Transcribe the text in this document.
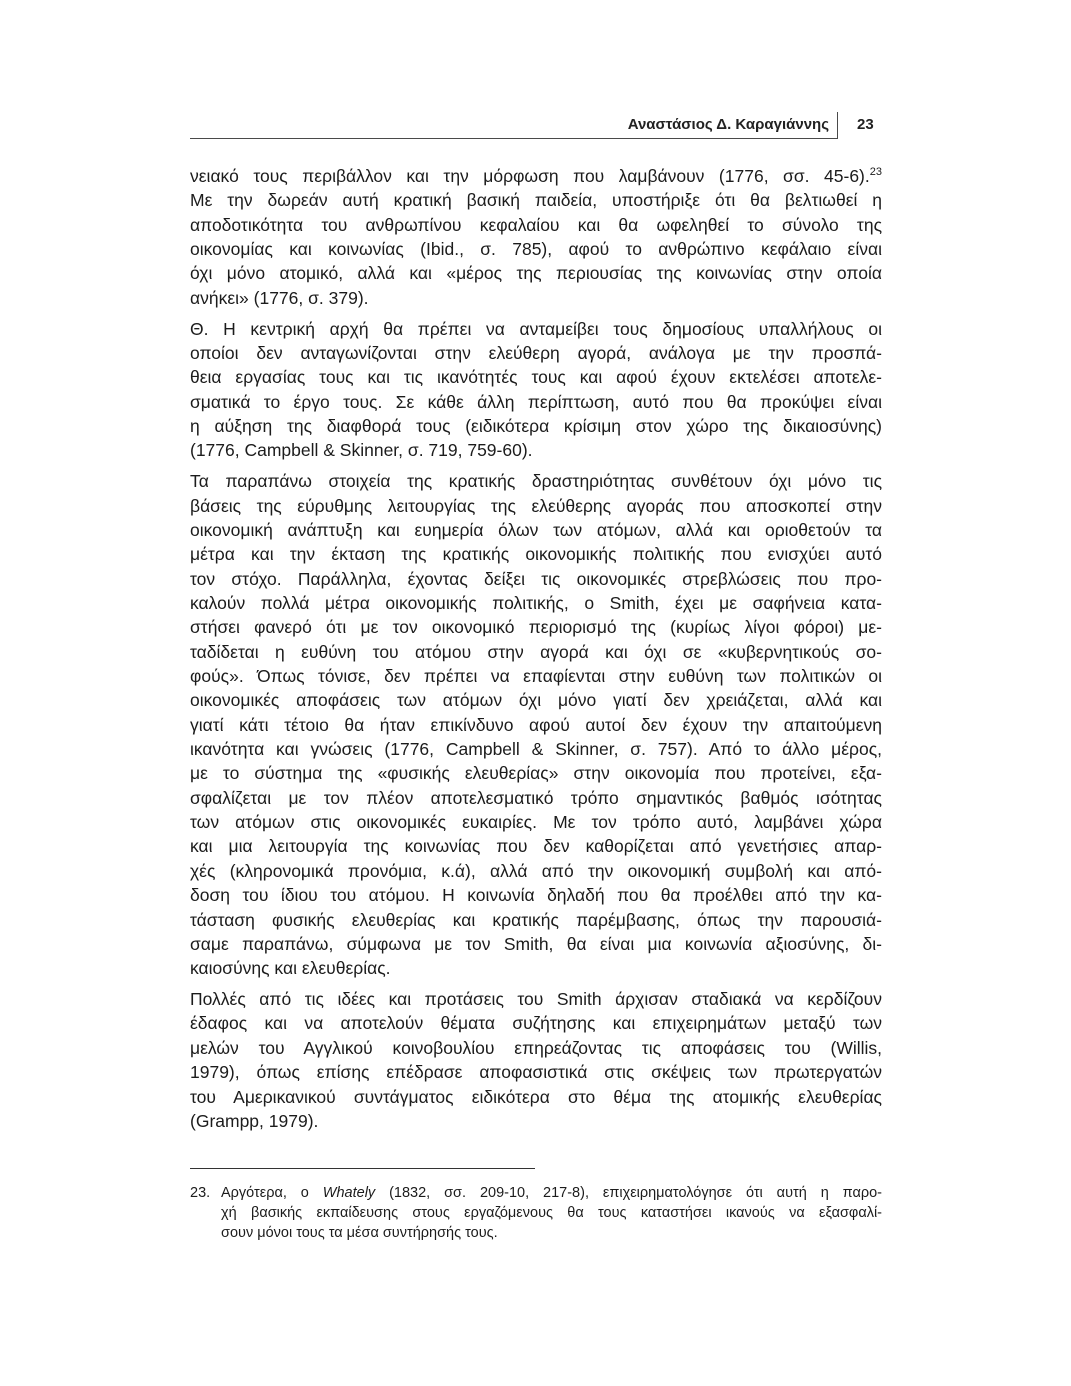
Αναστάσιος Δ. Καραγιάννης	23
νειακό τους περιβάλλον και την μόρφωση που λαμβάνουν (1776, σσ. 45-6).$^{23}$
Με την δωρεάν αυτή κρατική βασική παιδεία, υποστήριξε ότι θα βελτιωθεί η
αποδοτικότητα του ανθρωπίνου κεφαλαίου και θα ωφεληθεί το σύνολο της
οικονομίας και κοινωνίας (Ibid., σ. 785), αφού το ανθρώπινο κεφάλαιο είναι
όχι μόνο ατομικό, αλλά και «μέρος της περιουσίας της κοινωνίας στην οποία
ανήκει» (1776, σ. 379).
Θ. Η κεντρική αρχή θα πρέπει να ανταμείβει τους δημοσίους υπαλλήλους οι
οποίοι δεν ανταγωνίζονται στην ελεύθερη αγορά, ανάλογα με την προσπά-
θεια εργασίας τους και τις ικανότητές τους και αφού έχουν εκτελέσει αποτελε-
σματικά το έργο τους. Σε κάθε άλλη περίπτωση, αυτό που θα προκύψει είναι
η αύξηση της διαφθορά τους (ειδικότερα κρίσιμη στον χώρο της δικαιοσύνης)
(1776, Campbell & Skinner, σ. 719, 759-60).
Τα παραπάνω στοιχεία της κρατικής δραστηριότητας συνθέτουν όχι μόνο τις
βάσεις της εύρυθμης λειτουργίας της ελεύθερης αγοράς που αποσκοπεί στην
οικονομική ανάπτυξη και ευημερία όλων των ατόμων, αλλά και οριοθετούν τα
μέτρα και την έκταση της κρατικής οικονομικής πολιτικής που ενισχύει αυτό
τον στόχο. Παράλληλα, έχοντας δείξει τις οικονομικές στρεβλώσεις που προ-
καλούν πολλά μέτρα οικονομικής πολιτικής, ο Smith, έχει με σαφήνεια κατα-
στήσει φανερό ότι με τον οικονομικό περιορισμό της (κυρίως λίγοι φόροι) με-
ταδίδεται η ευθύνη του ατόμου στην αγορά και όχι σε «κυβερνητικούς σο-
φούς». Όπως τόνισε, δεν πρέπει να επαφίενται στην ευθύνη των πολιτικών οι
οικονομικές αποφάσεις των ατόμων όχι μόνο γιατί δεν χρειάζεται, αλλά και
γιατί κάτι τέτοιο θα ήταν επικίνδυνο αφού αυτοί δεν έχουν την απαιτούμενη
ικανότητα και γνώσεις (1776, Campbell & Skinner, σ. 757). Από το άλλο μέρος,
με το σύστημα της «φυσικής ελευθερίας» στην οικονομία που προτείνει, εξα-
σφαλίζεται με τον πλέον αποτελεσματικό τρόπο σημαντικός βαθμός ισότητας
των ατόμων στις οικονομικές ευκαιρίες. Με τον τρόπο αυτό, λαμβάνει χώρα
και μια λειτουργία της κοινωνίας που δεν καθορίζεται από γενετήσιες απαρ-
χές (κληρονομικά προνόμια, κ.ά), αλλά από την οικονομική συμβολή και από-
δοση του ίδιου του ατόμου. Η κοινωνία δηλαδή που θα προέλθει από την κα-
τάσταση φυσικής ελευθερίας και κρατικής παρέμβασης, όπως την παρουσιά-
σαμε παραπάνω, σύμφωνα με τον Smith, θα είναι μια κοινωνία αξιοσύνης, δι-
καιοσύνης και ελευθερίας.
Πολλές από τις ιδέες και προτάσεις του Smith άρχισαν σταδιακά να κερδίζουν
έδαφος και να αποτελούν θέματα συζήτησης και επιχειρημάτων μεταξύ των
μελών του Αγγλικού κοινοβουλίου επηρεάζοντας τις αποφάσεις του (Willis,
1979), όπως επίσης επέδρασε αποφασιστικά στις σκέψεις των πρωτεργατών
του Αμερικανικού συντάγματος ειδικότερα στο θέμα της ατομικής ελευθερίας
(Grampp, 1979).
23. Αργότερα, ο Whately (1832, σσ. 209-10, 217-8), επιχειρηματολόγησε ότι αυτή η παρο-
χή βασικής εκπαίδευσης στους εργαζόμενους θα τους καταστήσει ικανούς να εξασφαλί-
σουν μόνοι τους τα μέσα συντήρησής τους.
